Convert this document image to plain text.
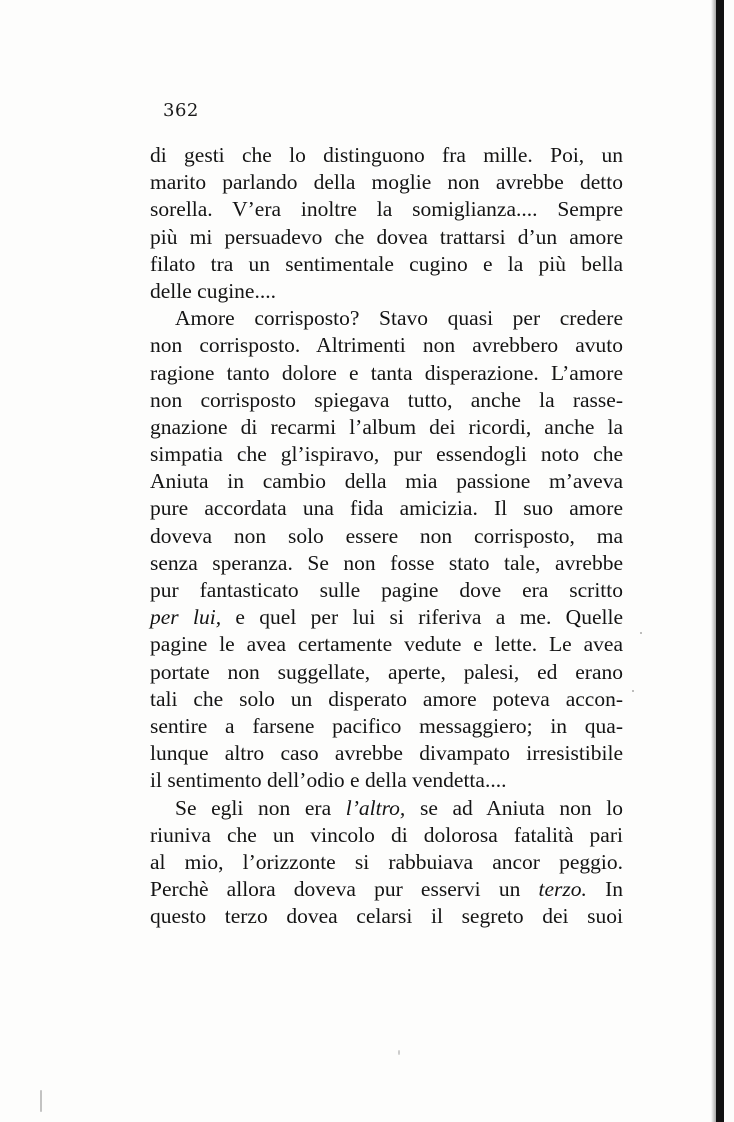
362
di gesti che lo distinguono fra mille. Poi, un
marito parlando della moglie non avrebbe detto
sorella. V’era inoltre la somiglianza.... Sempre
più mi persuadevo che dovea trattarsi d’un amore
filato tra un sentimentale cugino e la più bella
delle cugine....
Amore corrisposto? Stavo quasi per credere
non corrisposto. Altrimenti non avrebbero avuto
ragione tanto dolore e tanta disperazione. L’amore
non corrisposto spiegava tutto, anche la rasse-
gnazione di recarmi l’album dei ricordi, anche la
simpatia che gl’ispiravo, pur essendogli noto che
Aniuta in cambio della mia passione m’aveva
pure accordata una fida amicizia. Il suo amore
doveva non solo essere non corrisposto, ma
senza speranza. Se non fosse stato tale, avrebbe
pur fantasticato sulle pagine dove era scritto
per lui, e quel per lui si riferiva a me. Quelle
pagine le avea certamente vedute e lette. Le avea
portate non suggellate, aperte, palesi, ed erano
tali che solo un disperato amore poteva accon-
sentire a farsene pacifico messaggiero; in qua-
lunque altro caso avrebbe divampato irresistibile
il sentimento dell’odio e della vendetta....
Se egli non era l’altro, se ad Aniuta non lo
riuniva che un vincolo di dolorosa fatalità pari
al mio, l’orizzonte si rabbuiava ancor peggio.
Perchè allora doveva pur esservi un terzo. In
questo terzo dovea celarsi il segreto dei suoi
